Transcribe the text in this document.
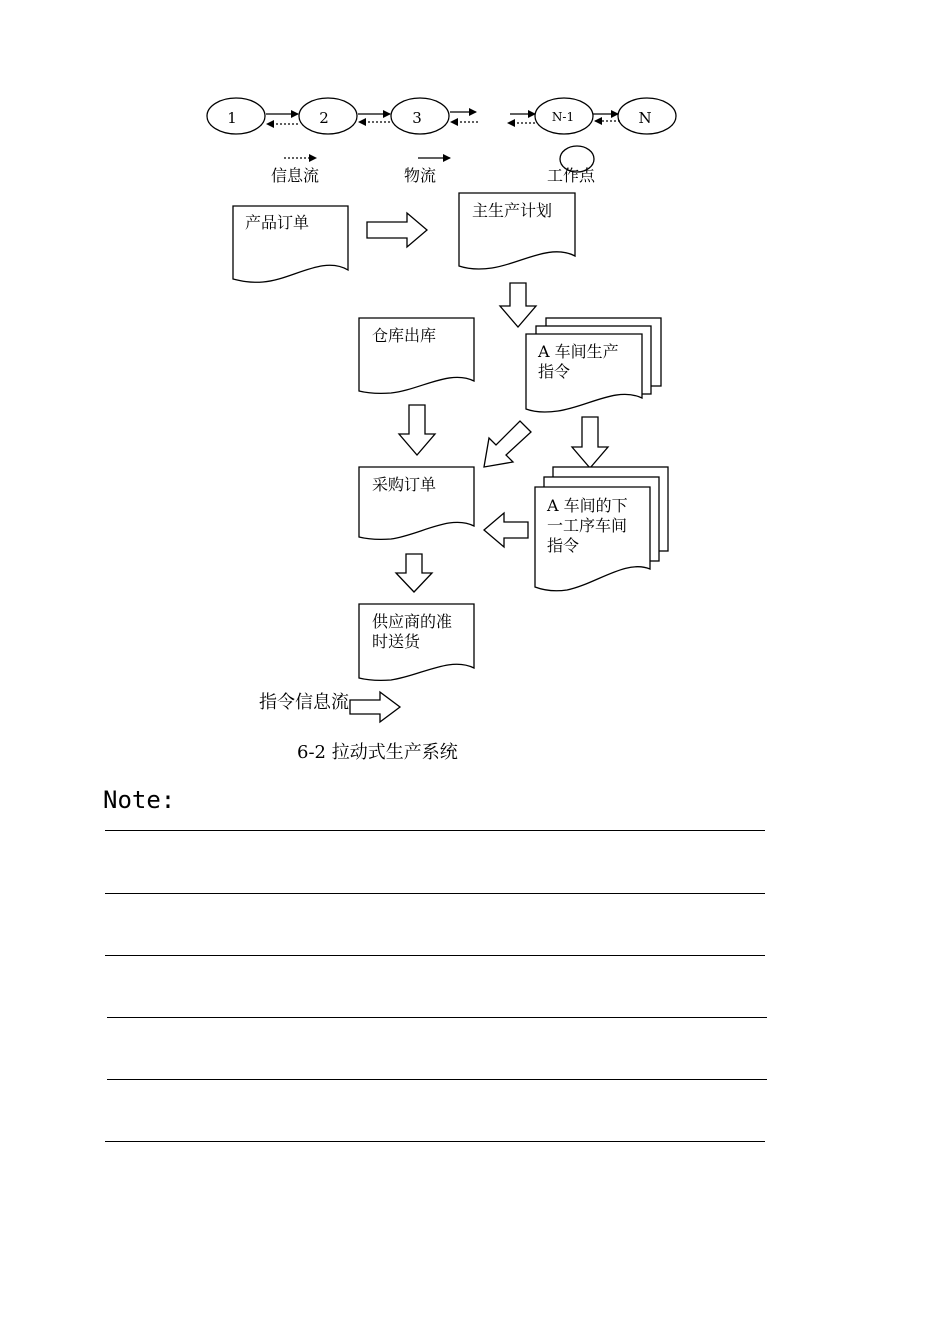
1	2	3	N-1	N
信息流	物流	工作点
产品订单
主生产计划
仓库出库
A 车间生产
指令
采购订单
A 车间的下
一工序车间
指令
供应商的准
时送货
指令信息流
6-2 拉动式生产系统
Note:
